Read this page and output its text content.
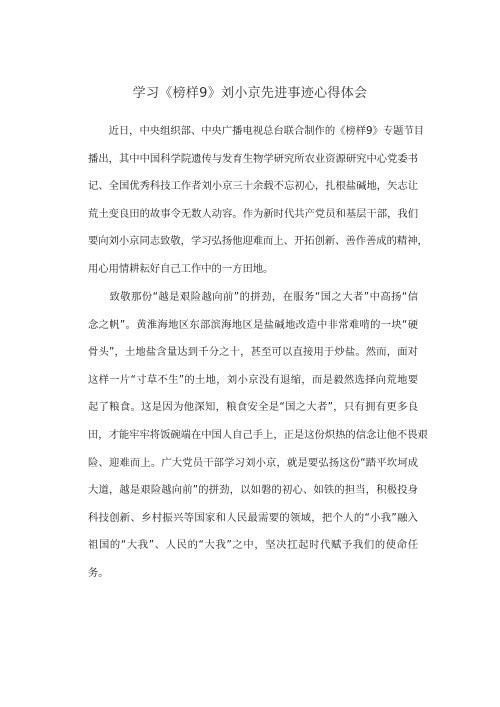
学习《榜样9》刘小京先进事迹心得体会
　　近日，中央组织部、中央广播电视总台联合制作的《榜样9》专题节目
播出，其中中国科学院遗传与发育生物学研究所农业资源研究中心党委书
记、全国优秀科技工作者刘小京三十余载不忘初心，扎根盐碱地，矢志让
荒土变良田的故事令无数人动容。作为新时代共产党员和基层干部，我们
要向刘小京同志致敬，学习弘扬他迎难而上、开拓创新、善作善成的精神，
用心用情耕耘好自己工作中的一方田地。
　　致敬那份“越是艰险越向前”的拼劲，在服务“国之大者”中高扬“信
念之帆”。黄淮海地区东部滨海地区是盐碱地改造中非常难啃的一块“硬
骨头”，土地盐含量达到千分之十，甚至可以直接用于炒盐。然而，面对
这样一片“寸草不生”的土地，刘小京没有退缩，而是毅然选择向荒地要
起了粮食。这是因为他深知，粮食安全是“国之大者”，只有拥有更多良
田，才能牢牢将饭碗端在中国人自己手上，正是这份炽热的信念让他不畏艰
险、迎难而上。广大党员干部学习刘小京，就是要弘扬这份“踏平坎坷成
大道，越是艰险越向前”的拼劲，以如磐的初心、如铁的担当，积极投身
科技创新、乡村振兴等国家和人民最需要的领域，把个人的“小我”融入
祖国的“大我”、人民的“大我”之中，坚决扛起时代赋予我们的使命任
务。
